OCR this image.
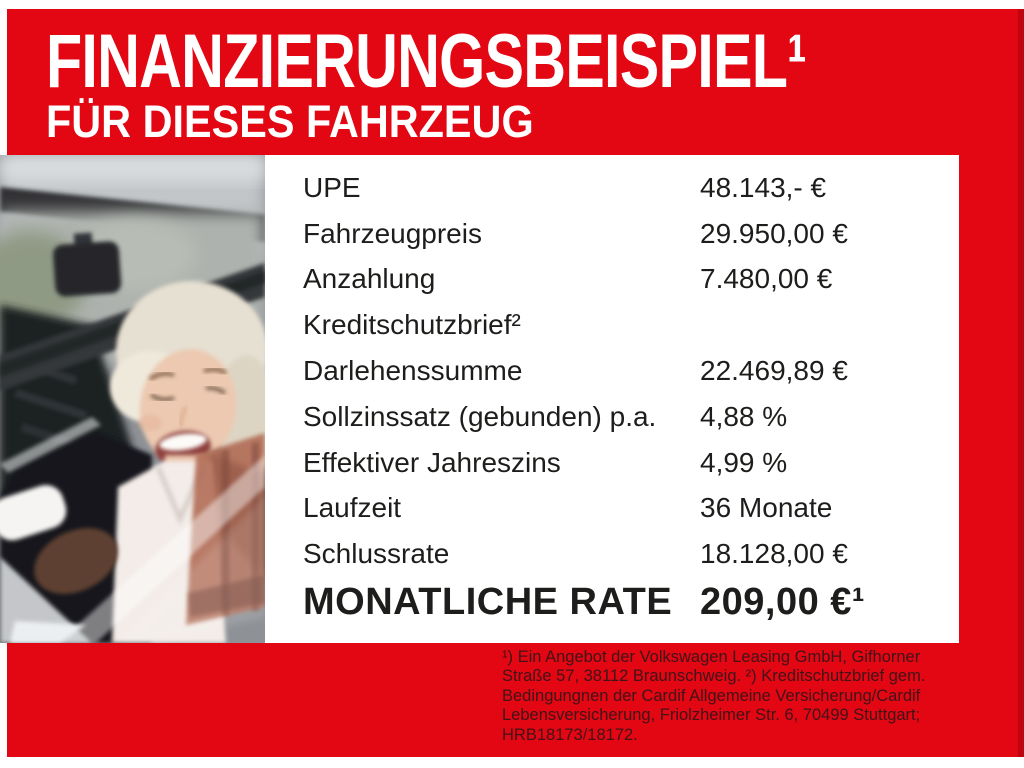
FINANZIERUNGSBEISPIEL¹
FÜR DIESES FAHRZEUG
UPE	48.143,- €
Fahrzeugpreis	29.950,00 €
Anzahlung	7.480,00 €
Kreditschutzbrief²
Darlehenssumme	22.469,89 €
Sollzinssatz (gebunden) p.a.	4,88 %
Effektiver Jahreszins	4,99 %
Laufzeit	36 Monate
Schlussrate	18.128,00 €
MONATLICHE RATE 209,00 €¹
¹) Ein Angebot der Volkswagen Leasing GmbH, Gifhorner
Straße 57, 38112 Braunschweig. ²) Kreditschutzbrief gem.
Bedingungnen der Cardif Allgemeine Versicherung/Cardif
Lebensversicherung, Friolzheimer Str. 6, 70499 Stuttgart;
HRB18173/18172.
